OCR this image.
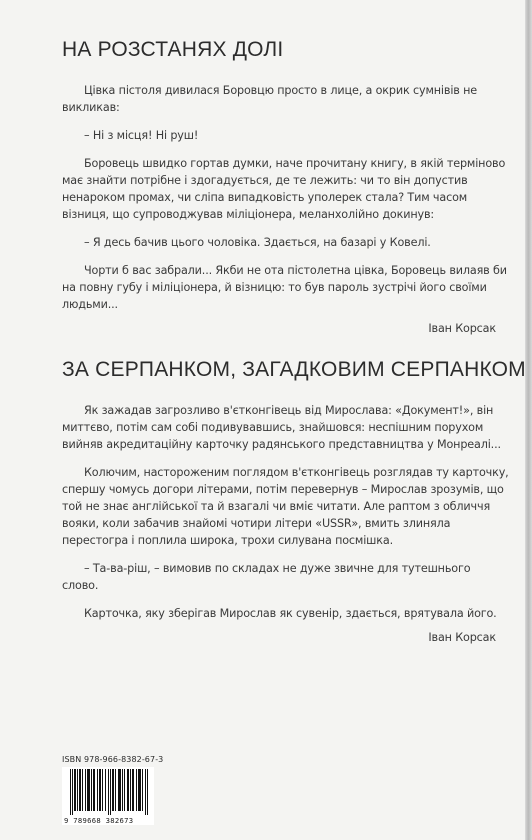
НА РОЗСТАНЯХ ДОЛІ

Цівка пістоля дивилася Боровцю просто в лице, а окрик сумнівів не викликав:

– Ні з місця! Ні руш!

Боровець швидко гортав думки, наче прочитану книгу, в якій терміново має знайти потрібне і здогадується, де те лежить: чи то він допустив ненароком промах, чи сліпа випадковість уполерек стала? Тим часом візниця, що супроводжував міліціонера, меланхолійно докинув:

– Я десь бачив цього чоловіка. Здається, на базарі у Ковелі.

Чорти б вас забрали... Якби не ота пістолетна цівка, Боровець вилаяв би на повну губу і міліціонера, й візницю: то був пароль зустрічі його своїми людьми...

Іван Корсак

ЗА СЕРПАНКОМ, ЗАГАДКОВИМ СЕРПАНКОМ

Як зажадав загрозливо в'єтконгівець від Мирослава: «Документ!», він миттєво, потім сам собі подивувавшись, знайшовся: неспішним порухом вийняв акредитаційну карточку радянського представництва у Монреалі...

Колючим, настороженим поглядом в'єтконгівець розглядав ту карточку, спершу чомусь догори літерами, потім перевернув – Мирослав зрозумів, що той не знає англійської та й взагалі чи вміє читати. Але раптом з обличчя вояки, коли забачив знайомі чотири літери «USSR», вмить злиняла перестогра і поплила широка, трохи силувана посмішка.

– Та-ва-ріш, – вимовив по складах не дуже звичне для тутешнього слово.

Карточка, яку зберігав Мирослав як сувенір, здається, врятувала його.

Іван Корсак

ISBN 978-966-8382-67-3
9 789668 382673
